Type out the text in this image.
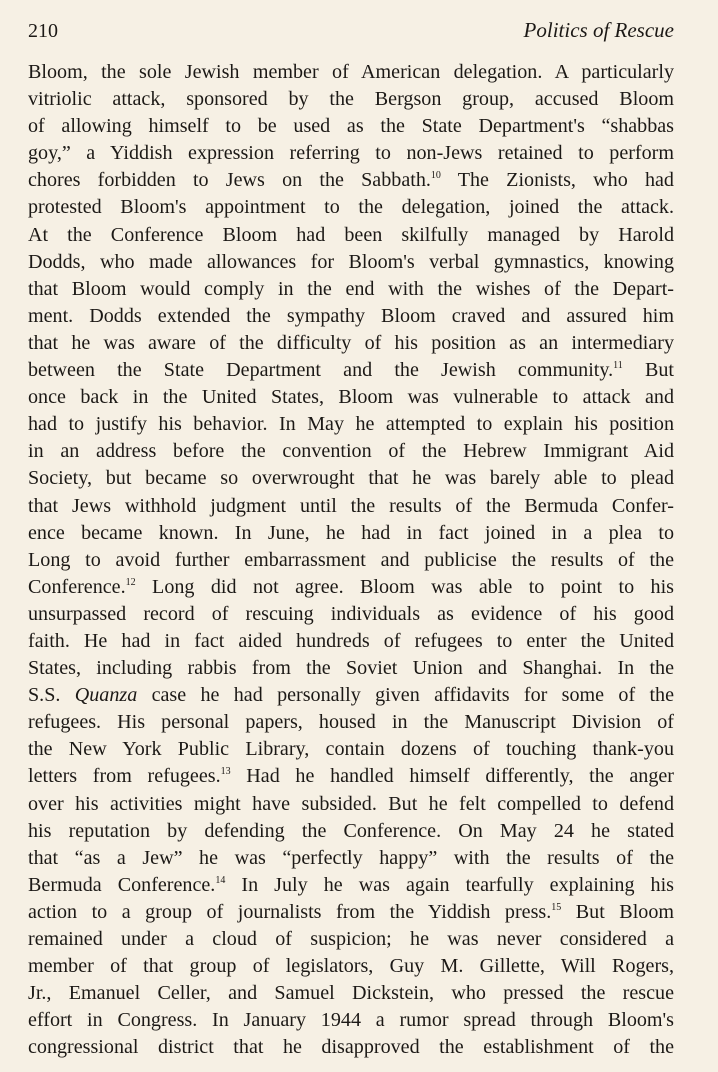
210	Politics of Rescue
Bloom, the sole Jewish member of American delegation. A particularly
vitriolic attack, sponsored by the Bergson group, accused Bloom
of allowing himself to be used as the State Department's “shabbas
goy,” a Yiddish expression referring to non-Jews retained to perform
chores forbidden to Jews on the Sabbath.$^{10}$ The Zionists, who had
protested Bloom's appointment to the delegation, joined the attack.
At the Conference Bloom had been skilfully managed by Harold
Dodds, who made allowances for Bloom's verbal gymnastics, knowing
that Bloom would comply in the end with the wishes of the Depart-
ment. Dodds extended the sympathy Bloom craved and assured him
that he was aware of the difficulty of his position as an intermediary
between the State Department and the Jewish community.$^{11}$ But
once back in the United States, Bloom was vulnerable to attack and
had to justify his behavior. In May he attempted to explain his position
in an address before the convention of the Hebrew Immigrant Aid
Society, but became so overwrought that he was barely able to plead
that Jews withhold judgment until the results of the Bermuda Confer-
ence became known. In June, he had in fact joined in a plea to
Long to avoid further embarrassment and publicise the results of the
Conference.$^{12}$ Long did not agree. Bloom was able to point to his
unsurpassed record of rescuing individuals as evidence of his good
faith. He had in fact aided hundreds of refugees to enter the United
States, including rabbis from the Soviet Union and Shanghai. In the
S.S. Quanza case he had personally given affidavits for some of the
refugees. His personal papers, housed in the Manuscript Division of
the New York Public Library, contain dozens of touching thank-you
letters from refugees.$^{13}$ Had he handled himself differently, the anger
over his activities might have subsided. But he felt compelled to defend
his reputation by defending the Conference. On May 24 he stated
that “as a Jew” he was “perfectly happy” with the results of the
Bermuda Conference.$^{14}$ In July he was again tearfully explaining his
action to a group of journalists from the Yiddish press.$^{15}$ But Bloom
remained under a cloud of suspicion; he was never considered a
member of that group of legislators, Guy M. Gillette, Will Rogers,
Jr., Emanuel Celler, and Samuel Dickstein, who pressed the rescue
effort in Congress. In January 1944 a rumor spread through Bloom's
congressional district that he disapproved the establishment of the
